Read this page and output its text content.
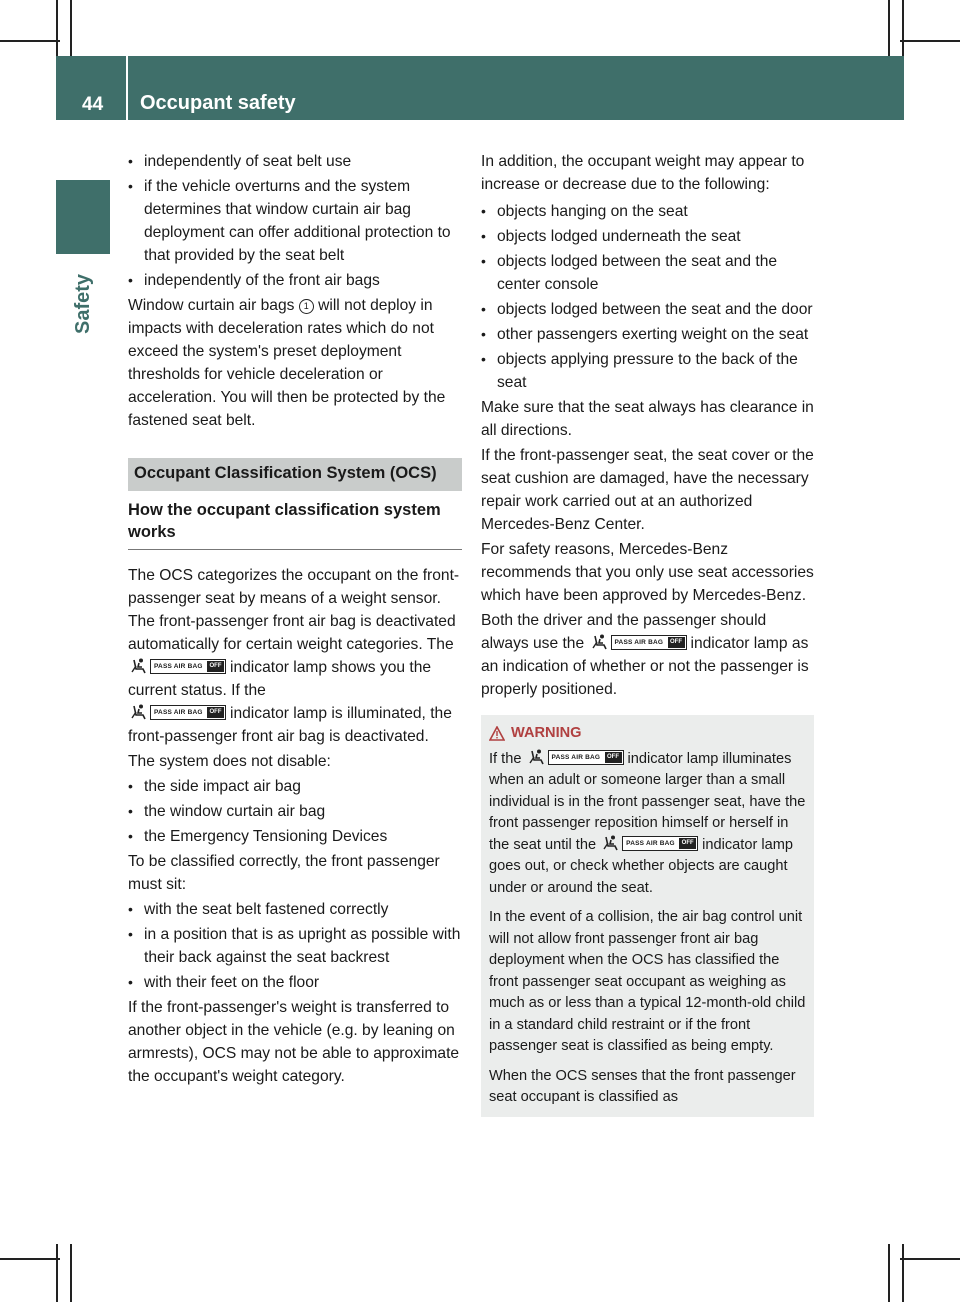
44 Occupant safety
Safety
• independently of seat belt use
• if the vehicle overturns and the system determines that window curtain air bag deployment can offer additional protection to that provided by the seat belt
• independently of the front air bags

Window curtain air bags 1 will not deploy in impacts with deceleration rates which do not exceed the system's preset deployment thresholds for vehicle deceleration or acceleration. You will then be protected by the fastened seat belt.

Occupant Classification System (OCS)
How the occupant classification system works

The OCS categorizes the occupant on the front-passenger seat by means of a weight sensor. The front-passenger front air bag is deactivated automatically for certain weight categories. The
PASS AIR BAG	OFF indicator lamp shows you the current status. If the

PASS AIR BAG	OFF indicator lamp is illuminated, the front-passenger front air bag is deactivated.

The system does not disable:

• the side impact air bag
• the window curtain air bag
• the Emergency Tensioning Devices

To be classified correctly, the front passenger must sit:

• with the seat belt fastened correctly
• in a position that is as upright as possible with their back against the seat backrest
• with their feet on the floor

If the front-passenger's weight is transferred to another object in the vehicle (e.g. by leaning on armrests), OCS may not be able to approximate the occupant's weight category.

In addition, the occupant weight may appear to increase or decrease due to the following:

• objects hanging on the seat
• objects lodged underneath the seat
• objects lodged between the seat and the center console
• objects lodged between the seat and the door
• other passengers exerting weight on the seat
• objects applying pressure to the back of the seat

Make sure that the seat always has clearance in all directions.

If the front-passenger seat, the seat cover or the seat cushion are damaged, have the necessary repair work carried out at an authorized Mercedes-Benz Center.

For safety reasons, Mercedes-Benz recommends that you only use seat accessories which have been approved by Mercedes-Benz.

Both the driver and the passenger should always use the	PASS AIR BAG	OFF indicator lamp as an indication of whether or not the passenger is properly positioned.

WARNING

If the	PASS AIR BAG	OFF indicator lamp illuminates when an adult or someone larger than a small individual is in the front passenger seat, have the front passenger reposition himself or herself in the seat until the	PASS AIR BAG	OFF indicator lamp goes out, or check whether objects are caught under or around the seat.

In the event of a collision, the air bag control unit will not allow front passenger front air bag deployment when the OCS has classified the front passenger seat occupant as weighing as much as or less than a typical 12-month-old child in a standard child restraint or if the front passenger seat is classified as being empty.

When the OCS senses that the front passenger seat occupant is classified as
